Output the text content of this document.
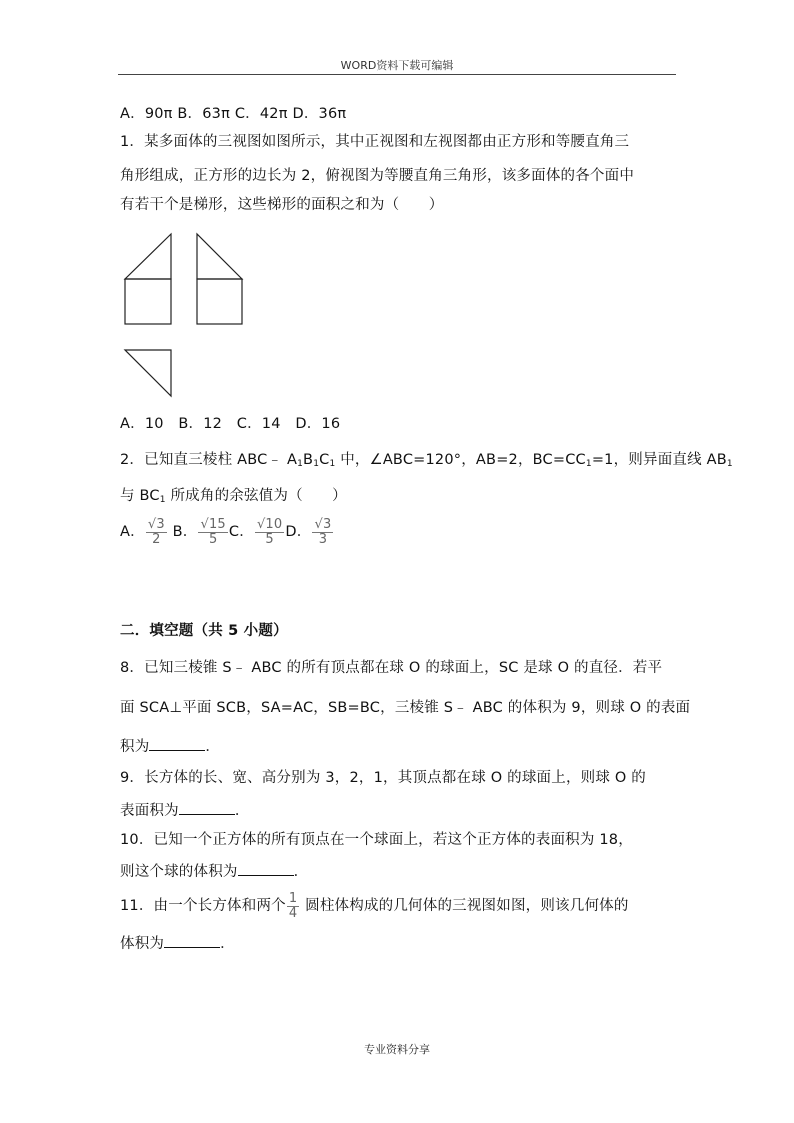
WORD资料下载可编辑
A．90π B．63π C．42π D．36π
1．某多面体的三视图如图所示，其中正视图和左视图都由正方形和等腰直角三
角形组成，正方形的边长为 2，俯视图为等腰直角三角形，该多面体的各个面中
有若干个是梯形，这些梯形的面积之和为（　　）
A．10　B．12　C．14　D．16
2．已知直三棱柱 ABC﹣ $A_1B_1C_1$ 中，∠ABC=120°，AB=2，$BC=CC_1=1$，则异面直线 $AB_1$
与 $BC_1$ 所成角的余弦值为（　　）
A． $\frac{√3}{2}$ B． $\frac{√15}{5}$ C． $\frac{√10}{5}$ D． $\frac{√3}{3}$
二．填空题（共 5 小题）
8．已知三棱锥 S﹣ ABC 的所有顶点都在球 O 的球面上，SC 是球 O 的直径．若平
面 SCA⊥平面 SCB，SA=AC，SB=BC，三棱锥 S﹣ ABC 的体积为 9，则球 O 的表面
积为	．
9．长方体的长、宽、高分别为 3，2，1，其顶点都在球 O 的球面上，则球 O 的
表面积为	．
10．已知一个正方体的所有顶点在一个球面上，若这个正方体的表面积为 18，
则这个球的体积为	．
11．由一个长方体和两个 $\frac{1}{4}$ 圆柱体构成的几何体的三视图如图，则该几何体的
体积为	．
专业资料分享
